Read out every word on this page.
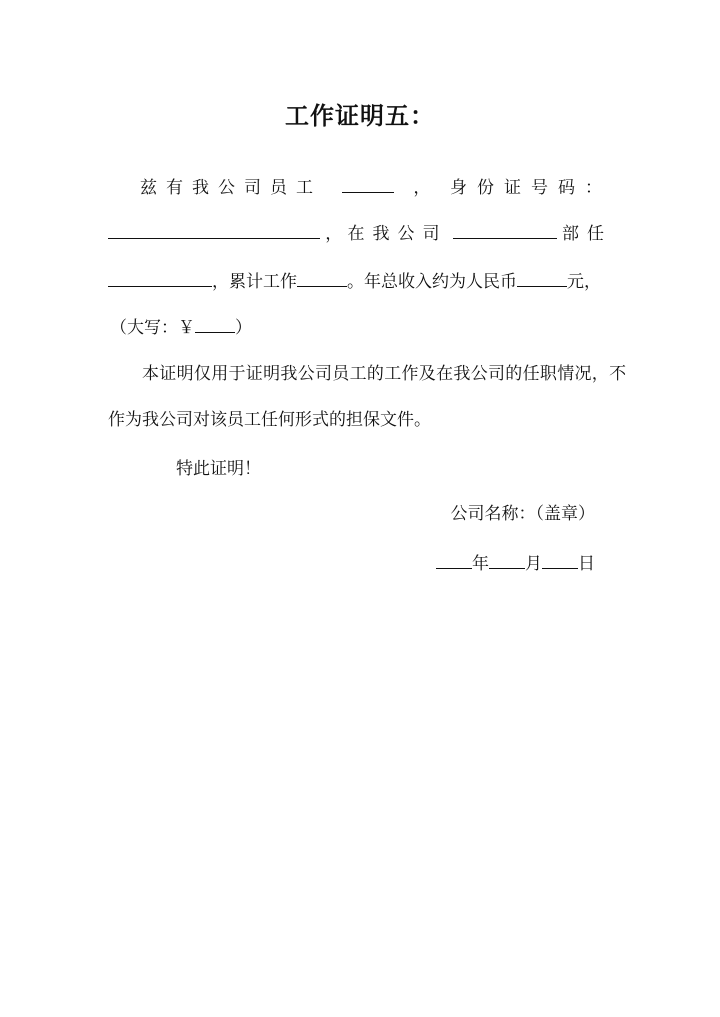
工作证明五：
兹有我公司员工	， 身份证号码：
， 在我公司	部任
，累计工作	。年总收入约为人民币	元，
（大写：￥ ）
本证明仅用于证明我公司员工的工作及在我公司的任职情况，不
作为我公司对该员工任何形式的担保文件。
特此证明！
公司名称：（盖章）
年 月 日
